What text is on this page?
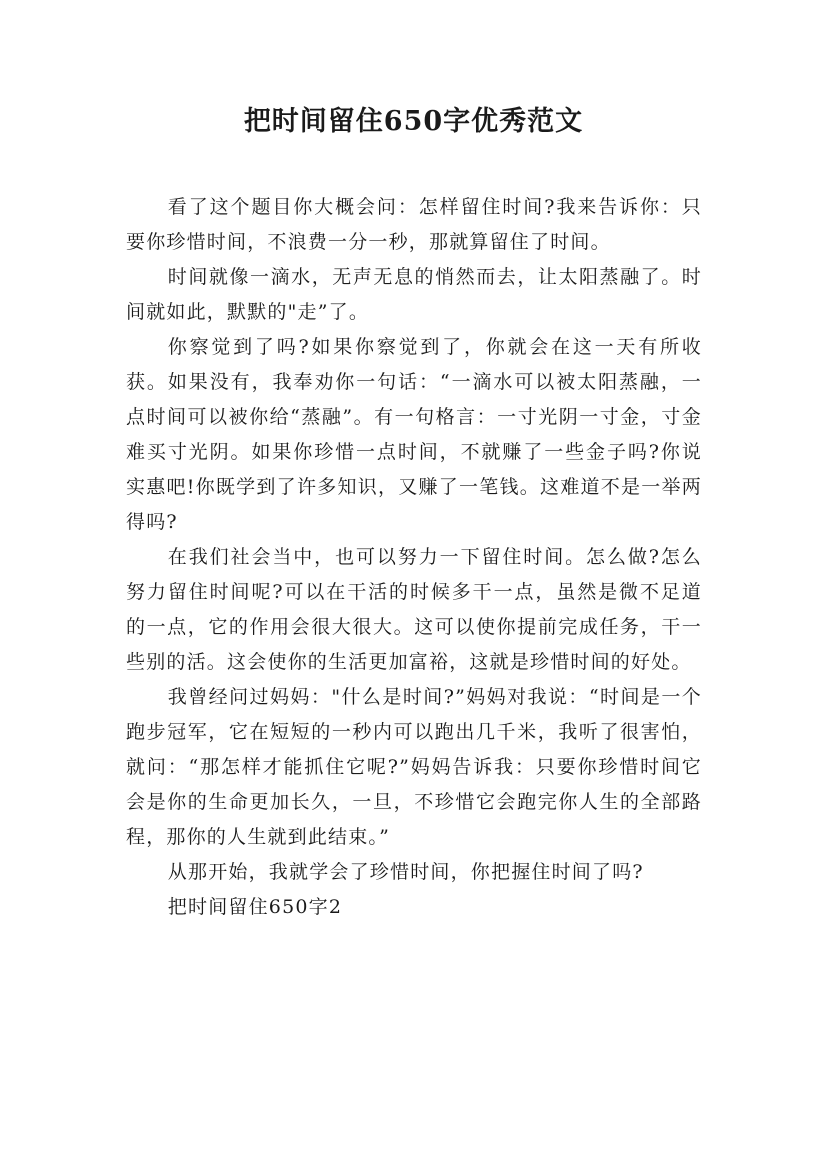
把时间留住650字优秀范文

看了这个题目你大概会问：怎样留住时间?我来告诉你：只要你珍惜时间，不浪费一分一秒，那就算留住了时间。

时间就像一滴水，无声无息的悄然而去，让太阳蒸融了。时间就如此，默默的"走”了。

你察觉到了吗?如果你察觉到了，你就会在这一天有所收获。如果没有，我奉劝你一句话：“一滴水可以被太阳蒸融，一点时间可以被你给“蒸融”。有一句格言：一寸光阴一寸金，寸金难买寸光阴。如果你珍惜一点时间，不就赚了一些金子吗?你说实惠吧!你既学到了许多知识，又赚了一笔钱。这难道不是一举两得吗?

在我们社会当中，也可以努力一下留住时间。怎么做?怎么努力留住时间呢?可以在干活的时候多干一点，虽然是微不足道的一点，它的作用会很大很大。这可以使你提前完成任务，干一些别的活。这会使你的生活更加富裕，这就是珍惜时间的好处。

我曾经问过妈妈："什么是时间?”妈妈对我说：“时间是一个跑步冠军，它在短短的一秒内可以跑出几千米，我听了很害怕，就问：“那怎样才能抓住它呢?”妈妈告诉我：只要你珍惜时间它会是你的生命更加长久，一旦，不珍惜它会跑完你人生的全部路程，那你的人生就到此结束。”

从那开始，我就学会了珍惜时间，你把握住时间了吗?

把时间留住650字2
